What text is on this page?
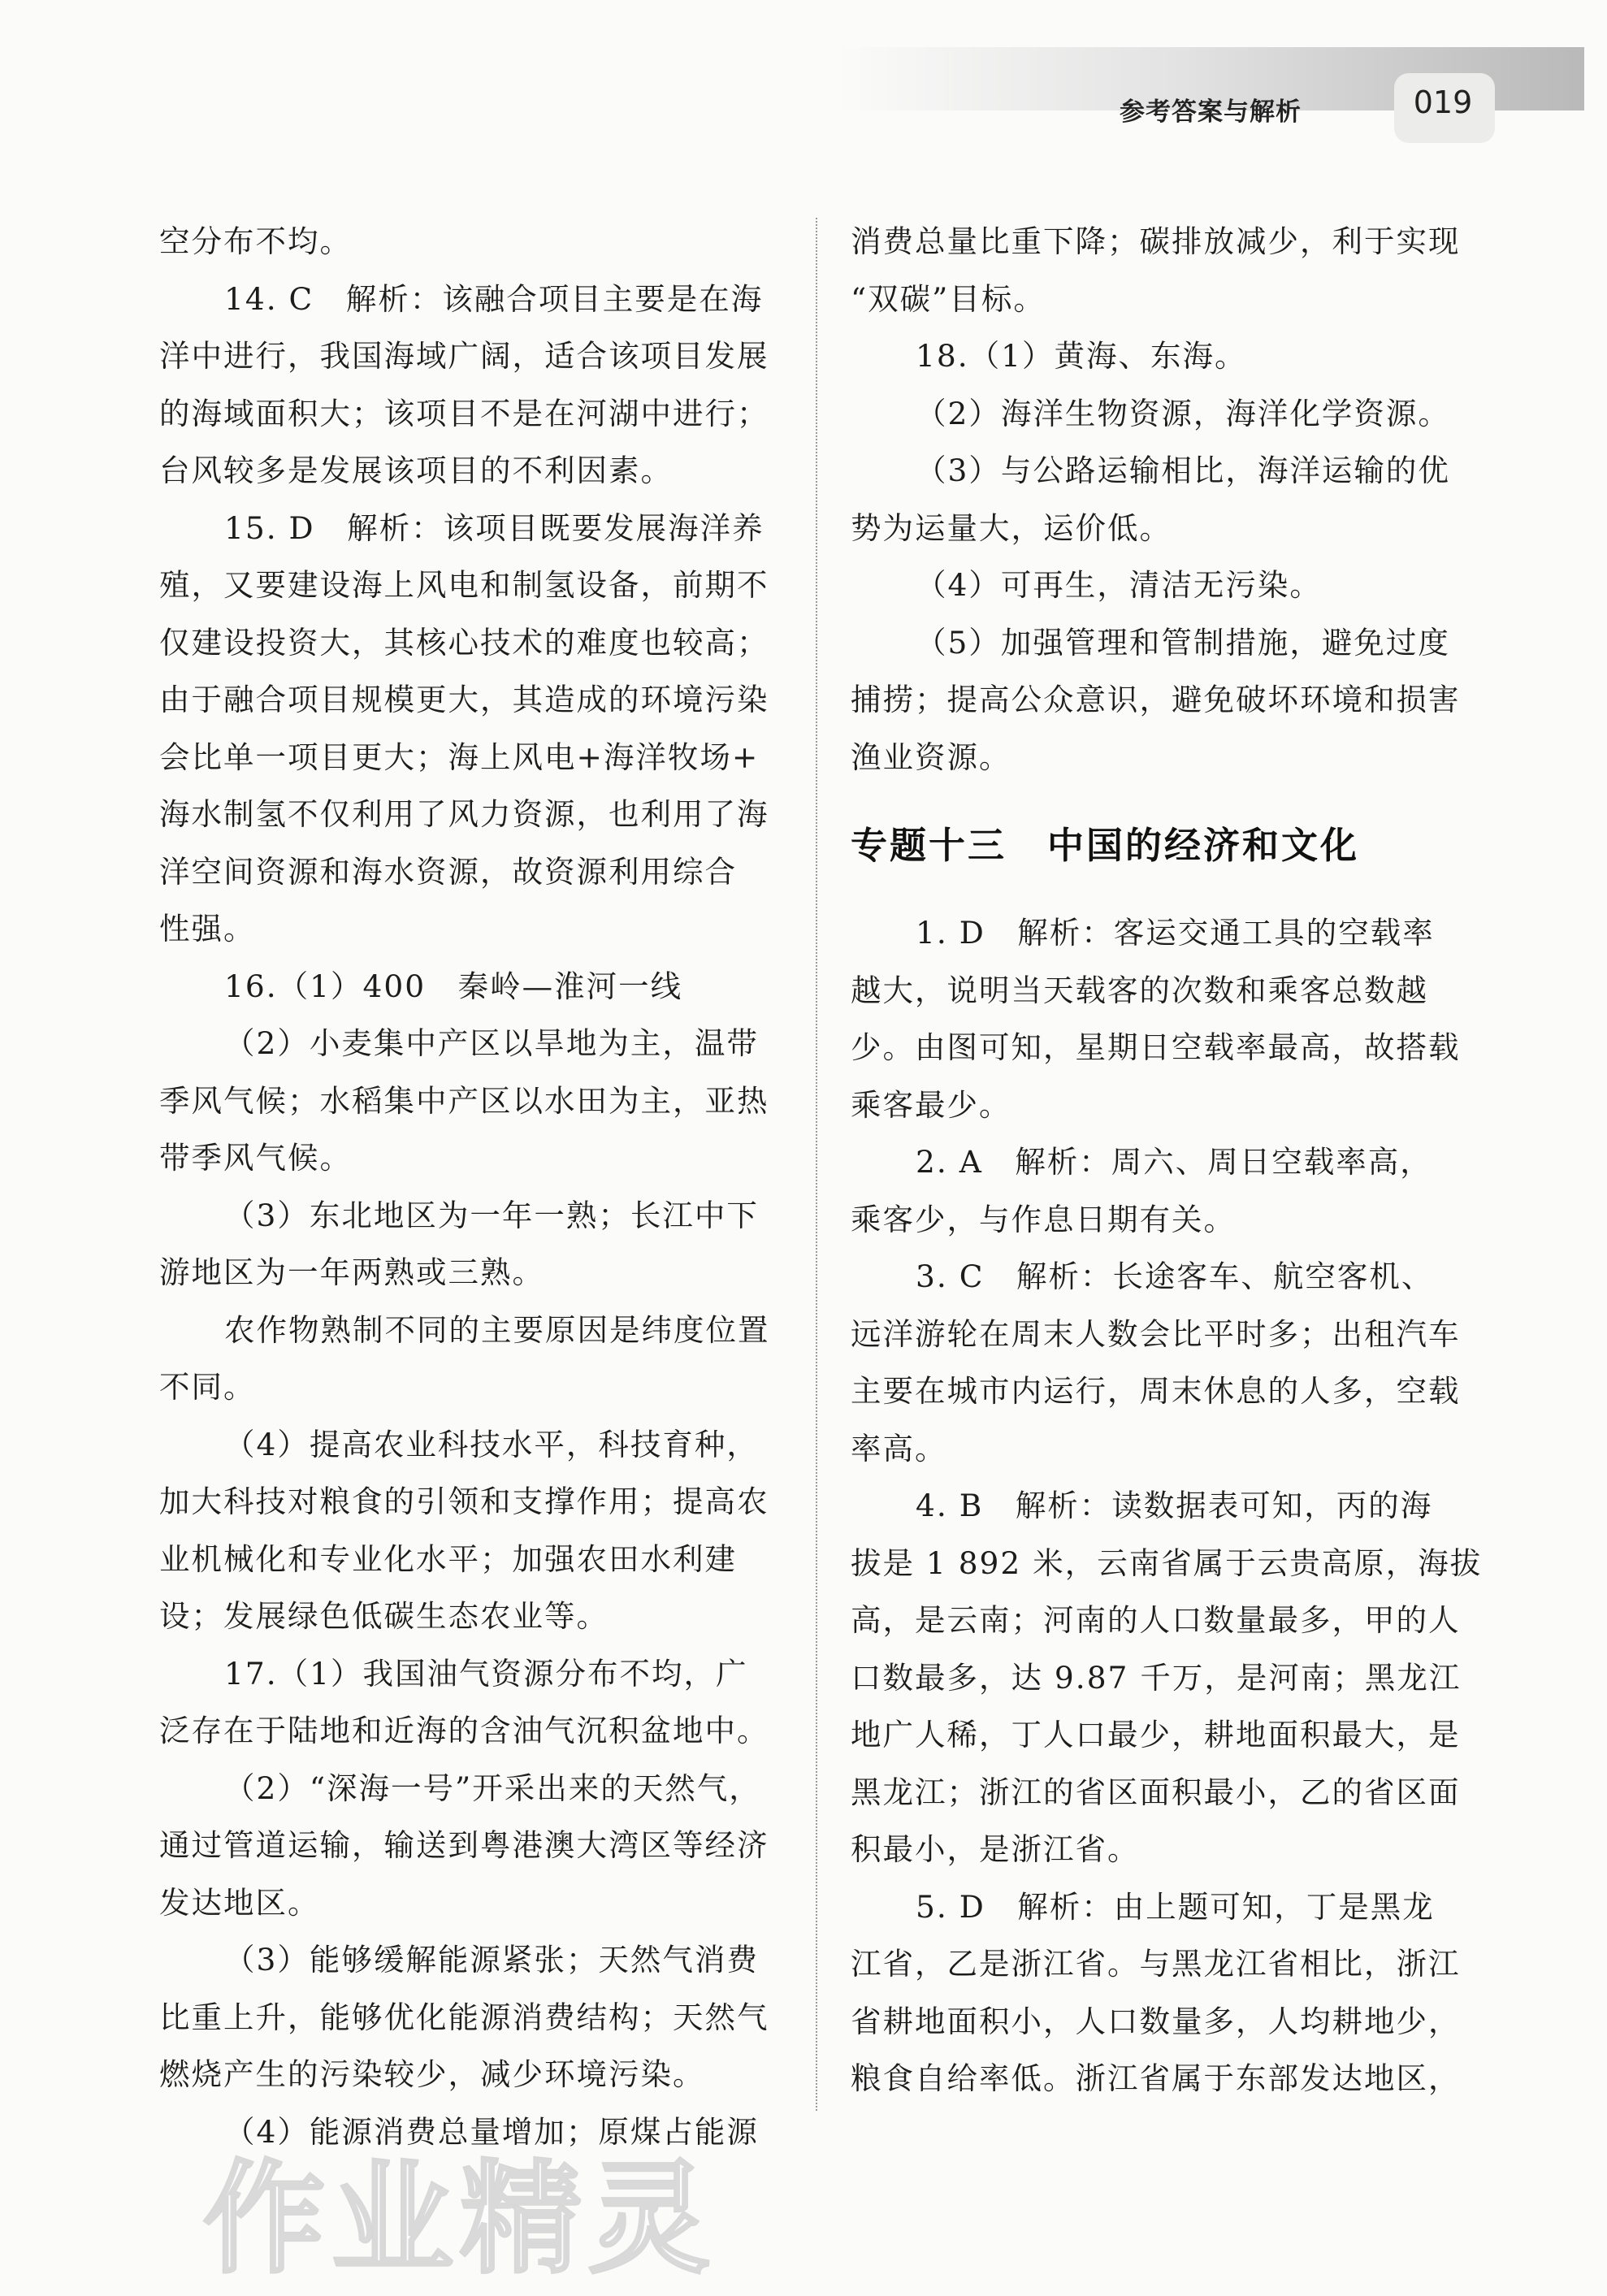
参考答案与解析	019
空分布不均。
14. C　解析：该融合项目主要是在海
洋中进行，我国海域广阔，适合该项目发展
的海域面积大；该项目不是在河湖中进行；
台风较多是发展该项目的不利因素。
15. D　解析：该项目既要发展海洋养
殖，又要建设海上风电和制氢设备，前期不
仅建设投资大，其核心技术的难度也较高；
由于融合项目规模更大，其造成的环境污染
会比单一项目更大；海上风电+海洋牧场+
海水制氢不仅利用了风力资源，也利用了海
洋空间资源和海水资源，故资源利用综合
性强。
16.（1）400　秦岭—淮河一线
（2）小麦集中产区以旱地为主，温带
季风气候；水稻集中产区以水田为主，亚热
带季风气候。
（3）东北地区为一年一熟；长江中下
游地区为一年两熟或三熟。
农作物熟制不同的主要原因是纬度位置
不同。
（4）提高农业科技水平，科技育种，
加大科技对粮食的引领和支撑作用；提高农
业机械化和专业化水平；加强农田水利建
设；发展绿色低碳生态农业等。
17.（1）我国油气资源分布不均，广
泛存在于陆地和近海的含油气沉积盆地中。
（2）“深海一号”开采出来的天然气，
通过管道运输，输送到粤港澳大湾区等经济
发达地区。
（3）能够缓解能源紧张；天然气消费
比重上升，能够优化能源消费结构；天然气
燃烧产生的污染较少，减少环境污染。
（4）能源消费总量增加；原煤占能源
消费总量比重下降；碳排放减少，利于实现
“双碳”目标。
18.（1）黄海、东海。
（2）海洋生物资源，海洋化学资源。
（3）与公路运输相比，海洋运输的优
势为运量大，运价低。
（4）可再生，清洁无污染。
（5）加强管理和管制措施，避免过度
捕捞；提高公众意识，避免破坏环境和损害
渔业资源。
专题十三 中国的经济和文化
1. D　解析：客运交通工具的空载率
越大，说明当天载客的次数和乘客总数越
少。由图可知，星期日空载率最高，故搭载
乘客最少。
2. A　解析：周六、周日空载率高，
乘客少，与作息日期有关。
3. C　解析：长途客车、航空客机、
远洋游轮在周末人数会比平时多；出租汽车
主要在城市内运行，周末休息的人多，空载
率高。
4. B　解析：读数据表可知，丙的海
拔是 1 892 米，云南省属于云贵高原，海拔
高，是云南；河南的人口数量最多，甲的人
口数最多，达 9.87 千万，是河南；黑龙江
地广人稀，丁人口最少，耕地面积最大，是
黑龙江；浙江的省区面积最小，乙的省区面
积最小，是浙江省。
5. D　解析：由上题可知，丁是黑龙
江省，乙是浙江省。与黑龙江省相比，浙江
省耕地面积小，人口数量多，人均耕地少，
粮食自给率低。浙江省属于东部发达地区，
作业精灵
